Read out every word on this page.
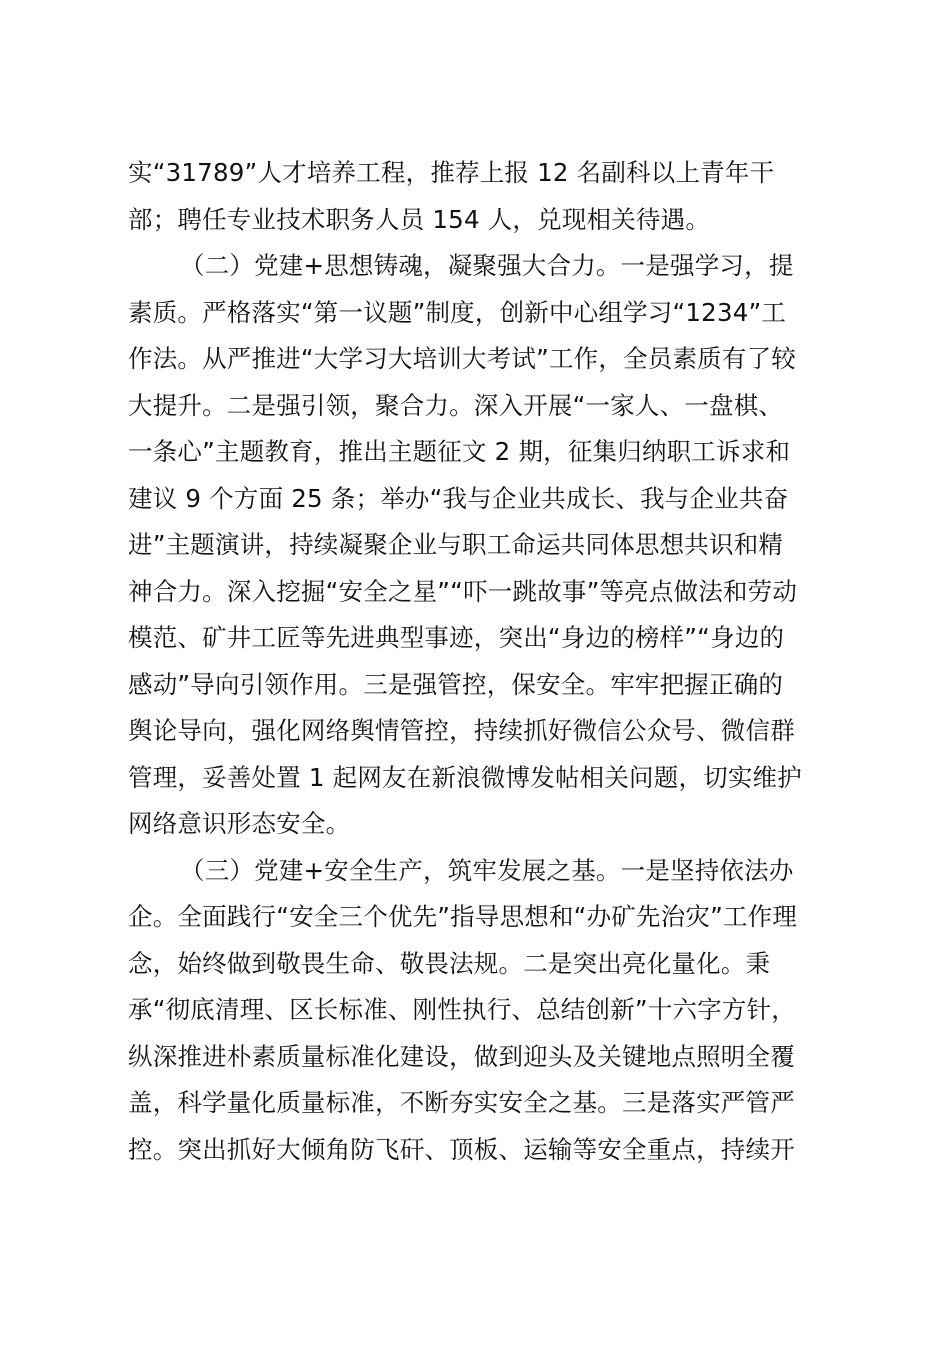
实“31789”人才培养工程，推荐上报 12 名副科以上青年干
部；聘任专业技术职务人员 154 人，兑现相关待遇。
（二）党建+思想铸魂，凝聚强大合力。一是强学习，提
素质。严格落实“第一议题”制度，创新中心组学习“1234”工
作法。从严推进“大学习大培训大考试”工作，全员素质有了较
大提升。二是强引领，聚合力。深入开展“一家人、一盘棋、
一条心”主题教育，推出主题征文 2 期，征集归纳职工诉求和
建议 9 个方面 25 条；举办“我与企业共成长、我与企业共奋
进”主题演讲，持续凝聚企业与职工命运共同体思想共识和精
神合力。深入挖掘“安全之星”“吓一跳故事”等亮点做法和劳动
模范、矿井工匠等先进典型事迹，突出“身边的榜样”“身边的
感动”导向引领作用。三是强管控，保安全。牢牢把握正确的
舆论导向，强化网络舆情管控，持续抓好微信公众号、微信群
管理，妥善处置 1 起网友在新浪微博发帖相关问题，切实维护
网络意识形态安全。
（三）党建+安全生产，筑牢发展之基。一是坚持依法办
企。全面践行“安全三个优先”指导思想和“办矿先治灾”工作理
念，始终做到敬畏生命、敬畏法规。二是突出亮化量化。秉
承“彻底清理、区长标准、刚性执行、总结创新”十六字方针，
纵深推进朴素质量标准化建设，做到迎头及关键地点照明全覆
盖，科学量化质量标准，不断夯实安全之基。三是落实严管严
控。突出抓好大倾角防飞矸、顶板、运输等安全重点，持续开
